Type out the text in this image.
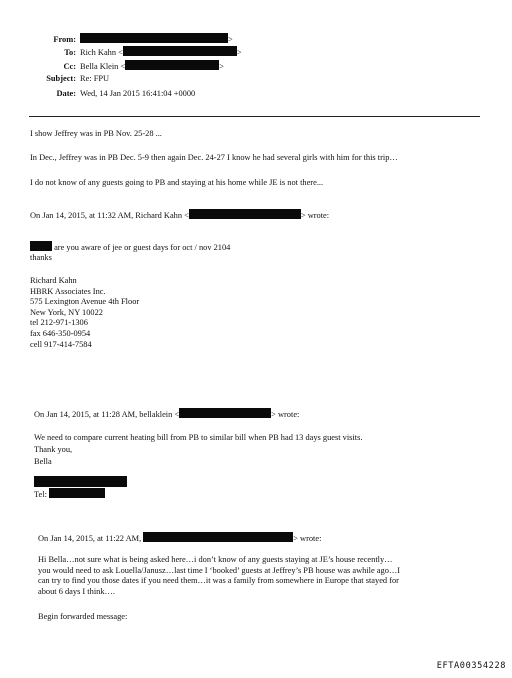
From:	>
To: Rich Kahn <	>
Cc: Bella Klein <	>
Subject: Re: FPU
Date: Wed, 14 Jan 2015 16:41:04 +0000
I show Jeffrey was in PB Nov. 25-28 ...
In Dec., Jeffrey was in PB Dec. 5-9 then again Dec. 24-27 I know he had several girls with him for this trip…
I do not know of any guests going to PB and staying at his home while JE is not there...
On Jan 14, 2015, at 11:32 AM, Richard Kahn <	> wrote:
are you aware of jee or guest days for oct / nov 2104
thanks
Richard Kahn
HBRK Associates Inc.
575 Lexington Avenue 4th Floor
New York, NY 10022
tel 212-971-1306
fax 646-350-0954
cell 917-414-7584
On Jan 14, 2015, at 11:28 AM, bellaklein <	> wrote:
We need to compare current heating bill from PB to similar bill when PB had 13 days guest visits.
Thank you,
Bella
Tel:
On Jan 14, 2015, at 11:22 AM,	> wrote:
Hi Bella…not sure what is being asked here…i don’t know of any guests staying at JE’s house recently…
you would need to ask Louella/Janusz…last time I ‘booked’ guests at Jeffrey’s PB house was awhile ago…I
can try to find you those dates if you need them…it was a family from somewhere in Europe that stayed for
about 6 days I think….
Begin forwarded message:
EFTA00354228
